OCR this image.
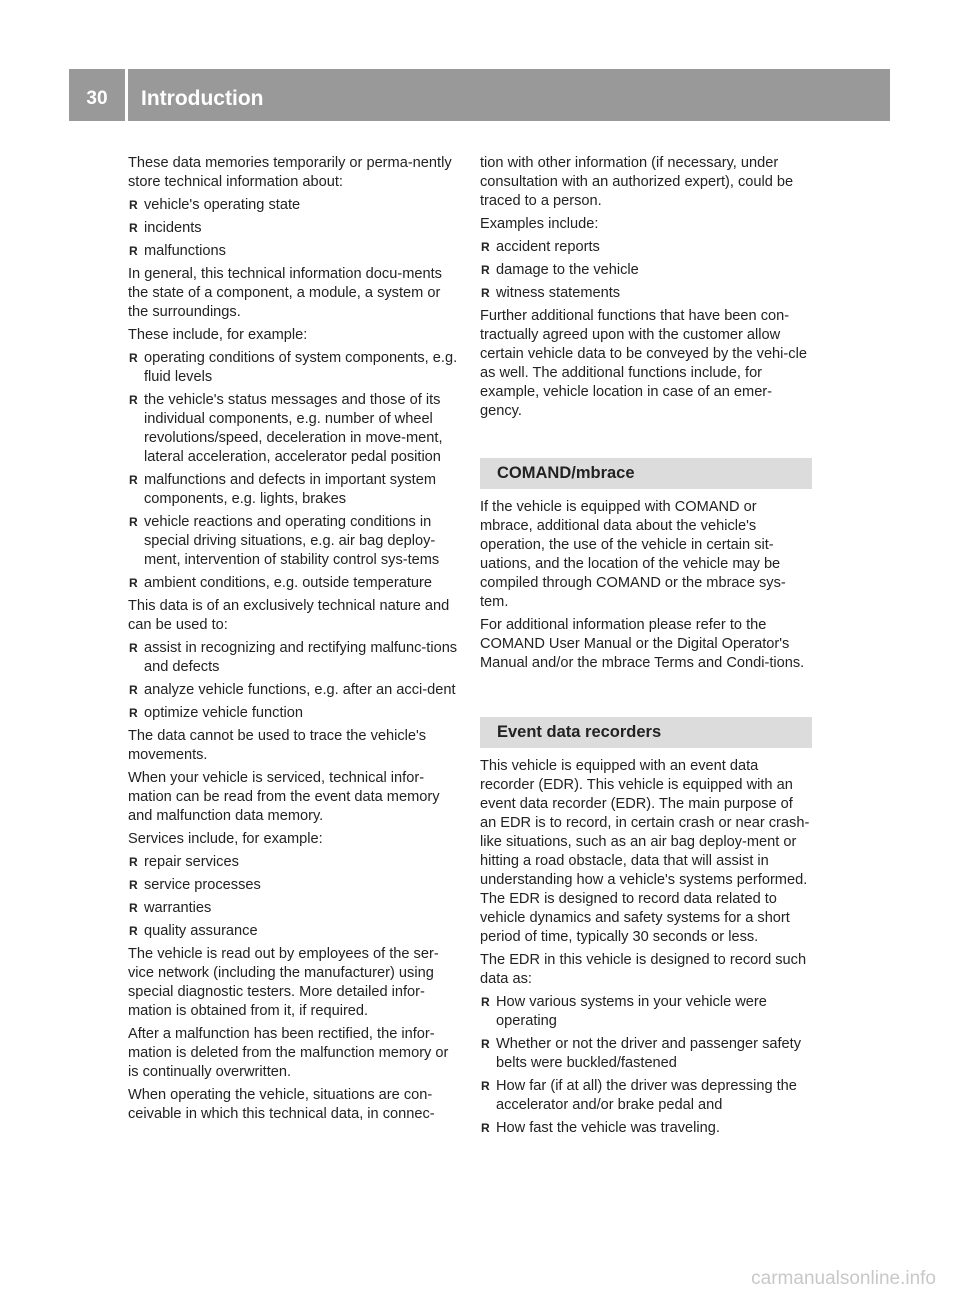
30	Introduction

These data memories temporarily or perma-nently store technical information about:

R vehicle's operating state
R incidents
R malfunctions

In general, this technical information docu-ments the state of a component, a module, a system or the surroundings.

These include, for example:

R operating conditions of system components, e.g. fluid levels
R the vehicle's status messages and those of its individual components, e.g. number of wheel revolutions/speed, deceleration in move-ment, lateral acceleration, accelerator pedal position
R malfunctions and defects in important system components, e.g. lights, brakes
R vehicle reactions and operating conditions in special driving situations, e.g. air bag deploy-ment, intervention of stability control sys-tems
R ambient conditions, e.g. outside temperature

This data is of an exclusively technical nature and can be used to:

R assist in recognizing and rectifying malfunc-tions and defects
R analyze vehicle functions, e.g. after an acci-dent
R optimize vehicle function

The data cannot be used to trace the vehicle's movements.

When your vehicle is serviced, technical infor-mation can be read from the event data memory and malfunction data memory.

Services include, for example:

R repair services
R service processes
R warranties
R quality assurance

The vehicle is read out by employees of the ser-vice network (including the manufacturer) using special diagnostic testers. More detailed infor-mation is obtained from it, if required.

After a malfunction has been rectified, the infor-mation is deleted from the malfunction memory or is continually overwritten.

When operating the vehicle, situations are con-ceivable in which this technical data, in connec-

tion with other information (if necessary, under consultation with an authorized expert), could be traced to a person.

Examples include:

R accident reports
R damage to the vehicle
R witness statements

Further additional functions that have been con-tractually agreed upon with the customer allow certain vehicle data to be conveyed by the vehi-cle as well. The additional functions include, for example, vehicle location in case of an emer-gency.

COMAND/mbrace

If the vehicle is equipped with COMAND or mbrace, additional data about the vehicle's operation, the use of the vehicle in certain sit-uations, and the location of the vehicle may be compiled through COMAND or the mbrace sys-tem.

For additional information please refer to the COMAND User Manual or the Digital Operator's Manual and/or the mbrace Terms and Condi-tions.

Event data recorders

This vehicle is equipped with an event data recorder (EDR). This vehicle is equipped with an event data recorder (EDR). The main purpose of an EDR is to record, in certain crash or near crash-like situations, such as an air bag deploy-ment or hitting a road obstacle, data that will assist in understanding how a vehicle's systems performed. The EDR is designed to record data related to vehicle dynamics and safety systems for a short period of time, typically 30 seconds or less.

The EDR in this vehicle is designed to record such data as:

R How various systems in your vehicle were operating
R Whether or not the driver and passenger safety belts were buckled/fastened
R How far (if at all) the driver was depressing the accelerator and/or brake pedal and
R How fast the vehicle was traveling.
carmanualsonline.info
